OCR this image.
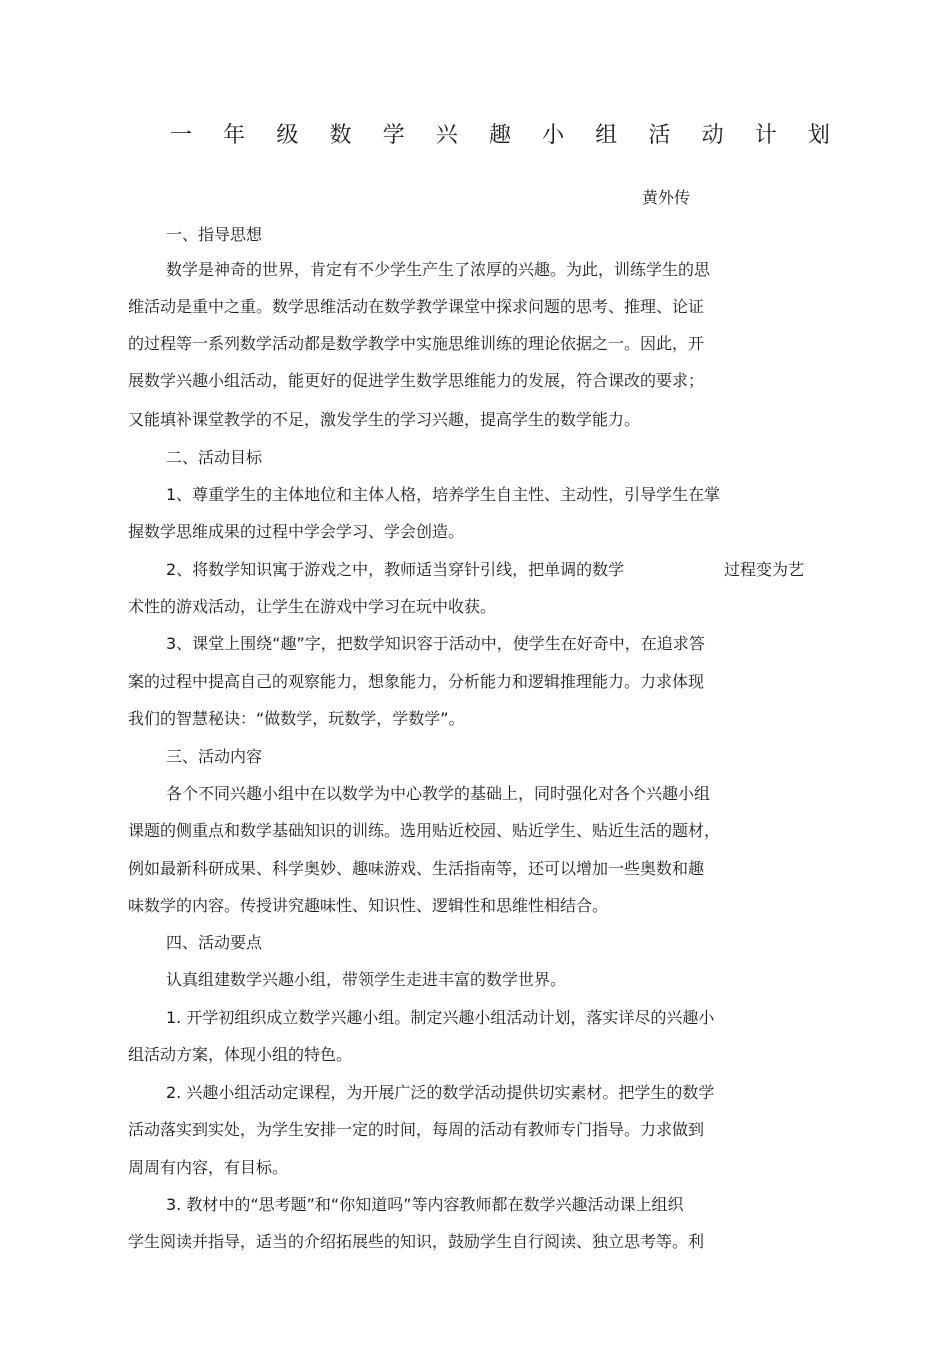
一 年 级 数 学 兴 趣 小 组 活 动 计 划
黄外传
一、指导思想
数学是神奇的世界，肯定有不少学生产生了浓厚的兴趣。为此，训练学生的思
维活动是重中之重。数学思维活动在数学教学课堂中探求问题的思考、推理、论证
的过程等一系列数学活动都是数学教学中实施思维训练的理论依据之一。因此，开
展数学兴趣小组活动，能更好的促进学生数学思维能力的发展，符合课改的要求；
又能填补课堂教学的不足，激发学生的学习兴趣，提高学生的数学能力。
二、活动目标
1、尊重学生的主体地位和主体人格，培养学生自主性、主动性，引导学生在掌
握数学思维成果的过程中学会学习、学会创造。
2、将数学知识寓于游戏之中，教师适当穿针引线，把单调的数学	过程变为艺
术性的游戏活动，让学生在游戏中学习在玩中收获。
3、课堂上围绕“趣”字，把数学知识容于活动中，使学生在好奇中，在追求答
案的过程中提高自己的观察能力，想象能力，分析能力和逻辑推理能力。力求体现
我们的智慧秘诀：“做数学，玩数学，学数学”。
三、活动内容
各个不同兴趣小组中在以数学为中心教学的基础上，同时强化对各个兴趣小组
课题的侧重点和数学基础知识的训练。选用贴近校园、贴近学生、贴近生活的题材，
例如最新科研成果、科学奥妙、趣味游戏、生活指南等，还可以增加一些奥数和趣
味数学的内容。传授讲究趣味性、知识性、逻辑性和思维性相结合。
四、活动要点
认真组建数学兴趣小组，带领学生走进丰富的数学世界。
1. 开学初组织成立数学兴趣小组。制定兴趣小组活动计划，落实详尽的兴趣小
组活动方案，体现小组的特色。
2. 兴趣小组活动定课程，为开展广泛的数学活动提供切实素材。把学生的数学
活动落实到实处，为学生安排一定的时间，每周的活动有教师专门指导。力求做到
周周有内容，有目标。
3. 教材中的“思考题”和“你知道吗”等内容教师都在数学兴趣活动课上组织
学生阅读并指导，适当的介绍拓展些的知识，鼓励学生自行阅读、独立思考等。利
